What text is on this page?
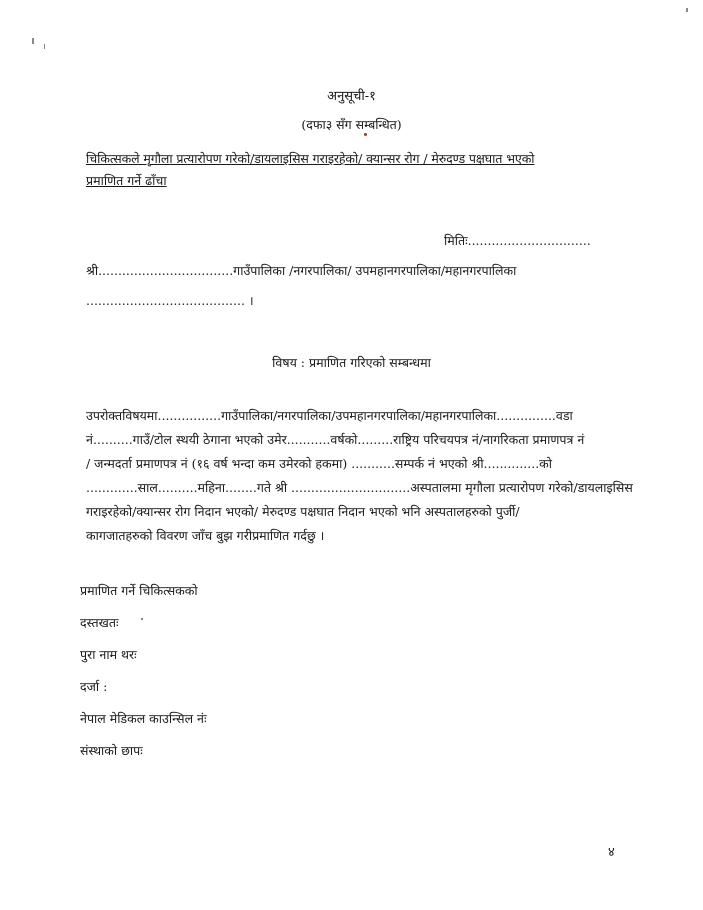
अनुसूची-१
(दफा३ सँग सम्बन्धित)
चिकित्सकले मृगौला प्रत्यारोपण गरेको/डायलाइसिस गराइरहेको/ क्यान्सर रोग / मेरुदण्ड पक्षघात भएको
प्रमाणित गर्ने ढाँचा
मितिः...............................
श्री..................................गाउँपालिका /नगरपालिका/ उपमहानगरपालिका/महानगरपालिका
........................................ ।
विषय : प्रमाणित गरिएको सम्बन्धमा
उपरोक्तविषयमा................गाउँपालिका/नगरपालिका/उपमहानगरपालिका/महानगरपालिका...............वडा
नं..........गाउँ/टोल स्थयी ठेगाना भएको उमेर...........वर्षको.........राष्ट्रिय परिचयपत्र नं/नागरिकता प्रमाणपत्र नं
/ जन्मदर्ता प्रमाणपत्र नं (१६ वर्ष भन्दा कम उमेरको हकमा) ...........सम्पर्क नं भएको श्री..............को
.............साल..........महिना........गते श्री ..............................अस्पतालमा मृगौला प्रत्यारोपण गरेको/डायलाइसिस
गराइरहेको/क्यान्सर रोग निदान भएको/ मेरुदण्ड पक्षघात निदान भएको भनि अस्पतालहरुको पुर्जी/
कागजातहरुको विवरण जाँच बुझ गरीप्रमाणित गर्दछु ।
प्रमाणित गर्ने चिकित्सकको
दस्तखतः
पुरा नाम थरः
दर्जा :
नेपाल मेडिकल काउन्सिल नंः
संस्थाको छापः
४
